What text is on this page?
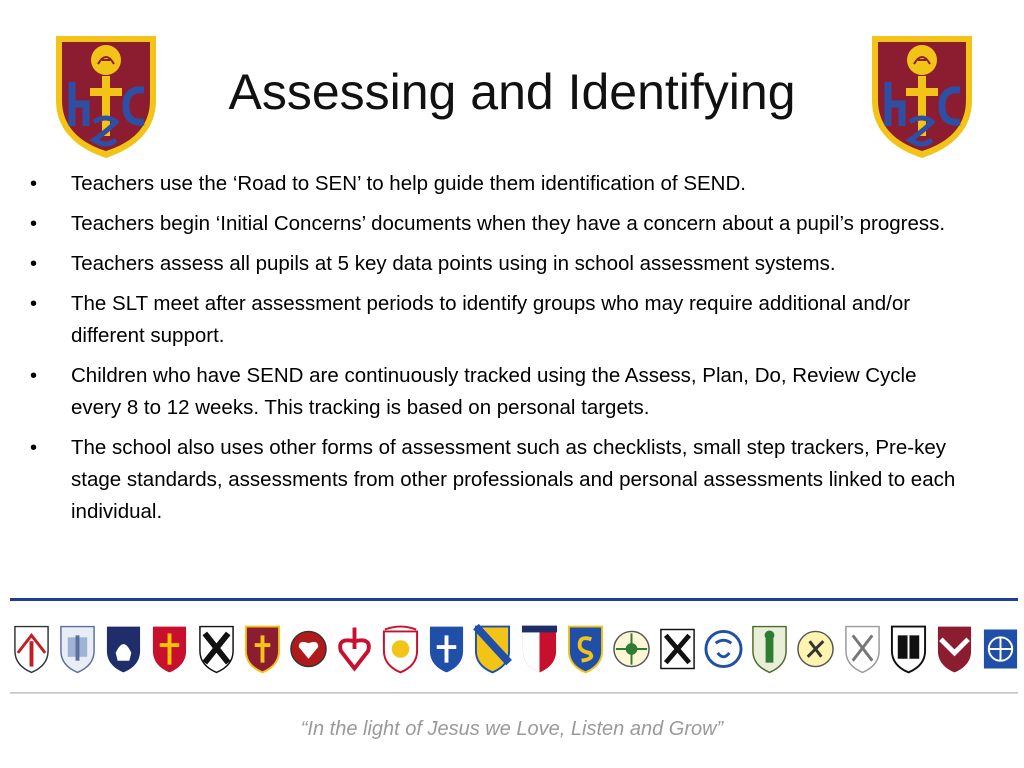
Assessing and Identifying
•	Teachers use the ‘Road to SEN’ to help guide them identification of SEND.
•	Teachers begin ‘Initial Concerns’ documents when they have a concern about a pupil’s progress.
•	Teachers assess all pupils at 5 key data points using in school assessment systems.
•	The SLT meet after assessment periods to identify groups who may require additional and/or different support.
•	Children who have SEND are continuously tracked using the Assess, Plan, Do, Review Cycle every 8 to 12 weeks. This tracking is based on personal targets.
•	The school also uses other forms of assessment such as checklists, small step trackers, Pre-key stage standards, assessments from other professionals and personal assessments linked to each individual.
“In the light of Jesus we Love, Listen and Grow”
